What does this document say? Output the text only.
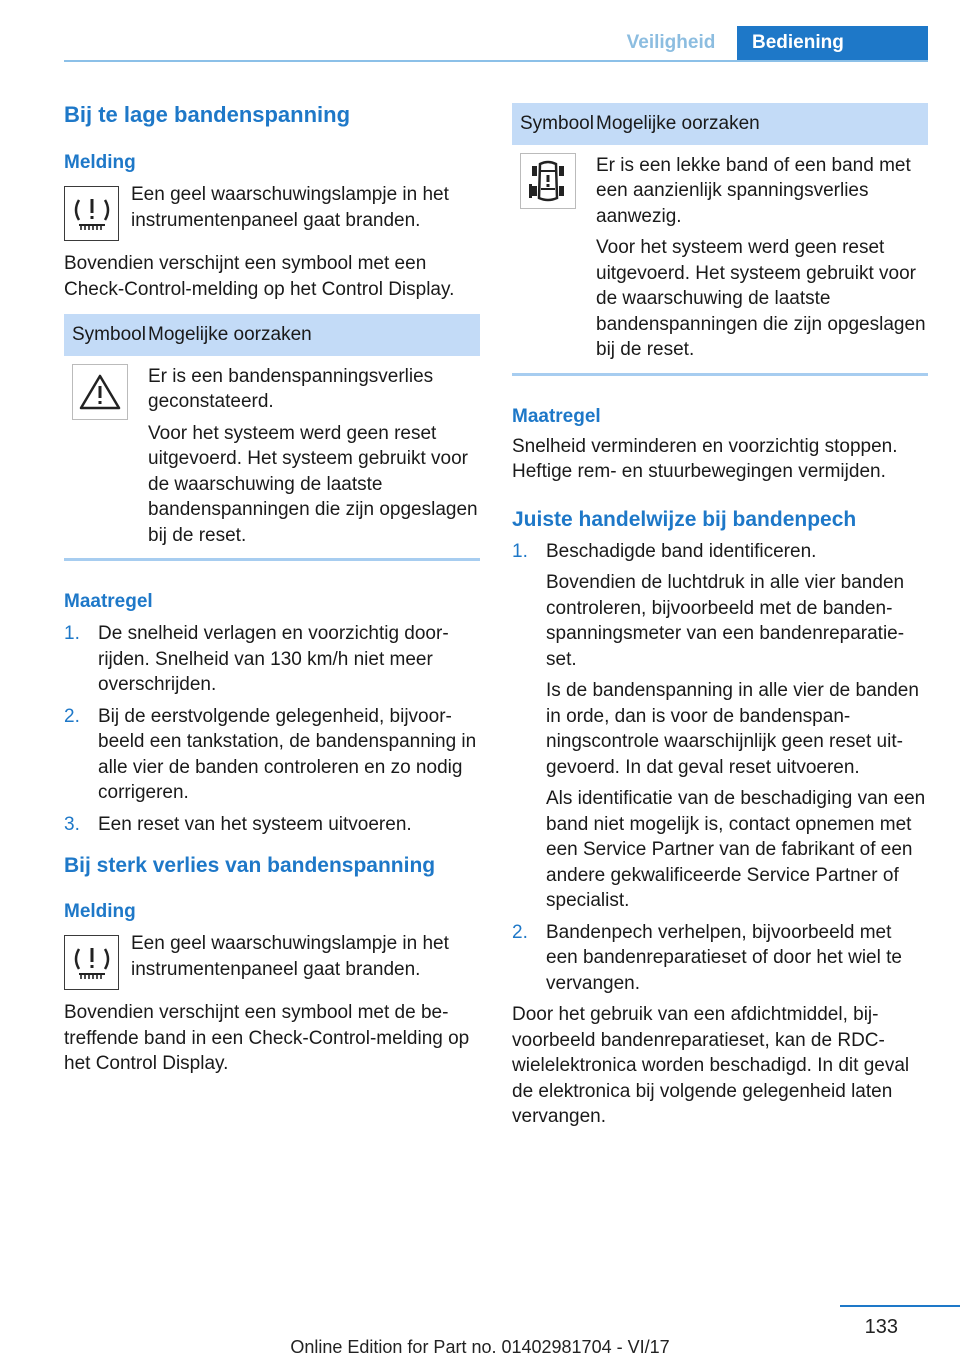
Veiligheid	Bediening
Bij te lage bandenspanning
Melding

Een geel waarschuwingslampje in het instrumentenpaneel gaat branden.

Bovendien verschijnt een symbool met een Check-Control-melding op het Control Display.

Symbool Mogelijke oorzaken

Er is een bandenspanningsverlies geconstateerd.

Voor het systeem werd geen reset uitgevoerd. Het systeem gebruikt voor de waarschuwing de laatste bandenspanningen die zijn opgeslagen bij de reset.

Maatregel
1. De snelheid verlagen en voorzichtig doorrijden. Snelheid van 130 km/h niet meer overschrijden.
2. Bij de eerstvolgende gelegenheid, bijvoorbeeld een tankstation, de bandenspanning in alle vier de banden controleren en zo nodig corrigeren.
3. Een reset van het systeem uitvoeren.
Bij sterk verlies van bandenspanning
Melding

Een geel waarschuwingslampje in het instrumentenpaneel gaat branden.

Bovendien verschijnt een symbool met de betreffende band in een Check-Control-melding op het Control Display.

Symbool Mogelijke oorzaken

Er is een lekke band of een band met een aanzienlijk spanningsverlies aanwezig.

Voor het systeem werd geen reset uitgevoerd. Het systeem gebruikt voor de waarschuwing de laatste bandenspanningen die zijn opgeslagen bij de reset.

Maatregel

Snelheid verminderen en voorzichtig stoppen. Heftige rem- en stuurbewegingen vermijden.

Juiste handelwijze bij bandenpech
1. Beschadigde band identificeren.

Bovendien de luchtdruk in alle vier banden controleren, bijvoorbeeld met de bandenspanningsmeter van een bandenreparatieset.

Is de bandenspanning in alle vier de banden in orde, dan is voor de bandenspanningscontrole waarschijnlijk geen reset uitgevoerd. In dat geval reset uitvoeren.

Als identificatie van de beschadiging van een band niet mogelijk is, contact opnemen met een Service Partner van de fabrikant of een andere gekwalificeerde Service Partner of specialist.

2. Bandenpech verhelpen, bijvoorbeeld met een bandenreparatieset of door het wiel te vervangen.

Door het gebruik van een afdichtmiddel, bijvoorbeeld bandenreparatieset, kan de RDC-wielelektronica worden beschadigd. In dit geval de elektronica bij volgende gelegenheid laten vervangen.

133
Online Edition for Part no. 01402981704 - VI/17
